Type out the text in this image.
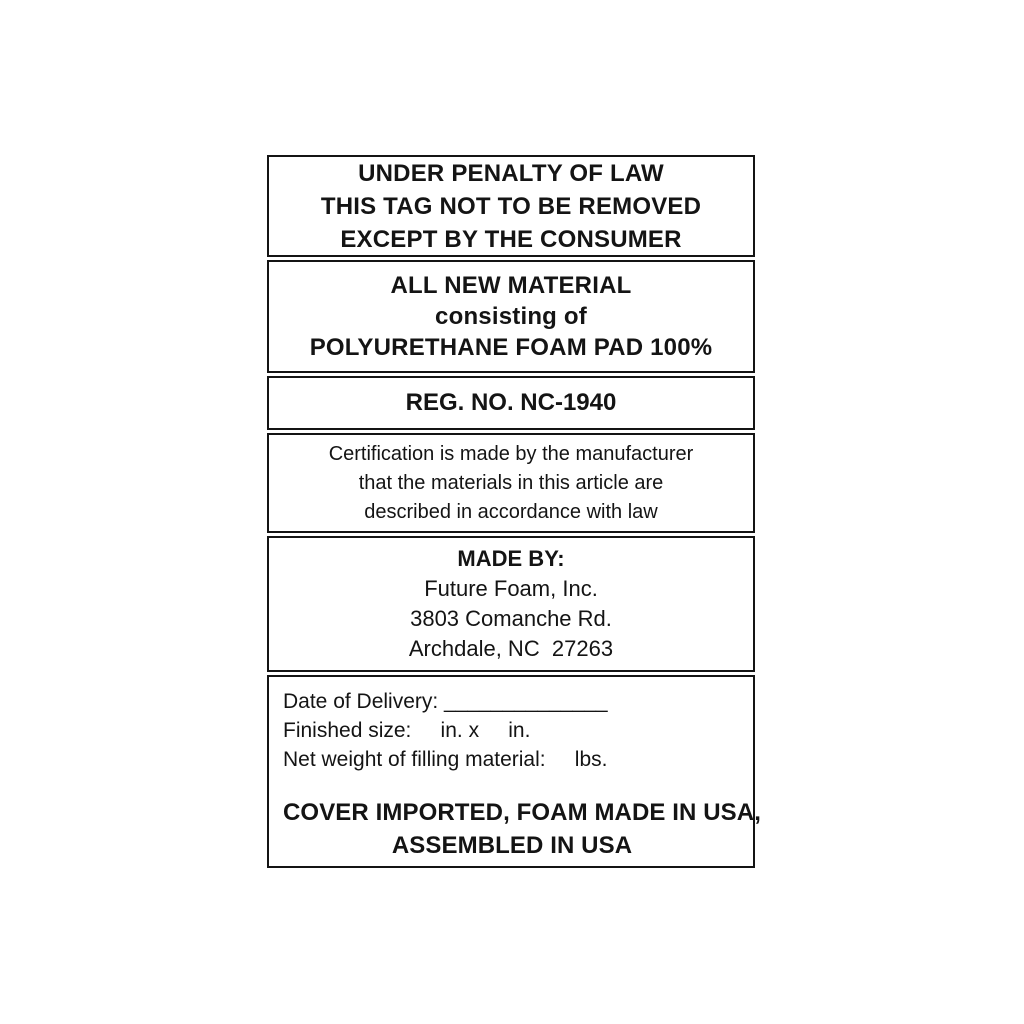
UNDER PENALTY OF LAW
THIS TAG NOT TO BE REMOVED
EXCEPT BY THE CONSUMER
ALL NEW MATERIAL
consisting of
POLYURETHANE FOAM PAD 100%
REG. NO. NC-1940
Certification is made by the manufacturer
that the materials in this article are
described in accordance with law
MADE BY:
Future Foam, Inc.
3803 Comanche Rd.
Archdale, NC  27263
Date of Delivery: ______________
Finished size:     in. x     in.
Net weight of filling material:     lbs.
COVER IMPORTED, FOAM MADE IN USA,
ASSEMBLED IN USA
